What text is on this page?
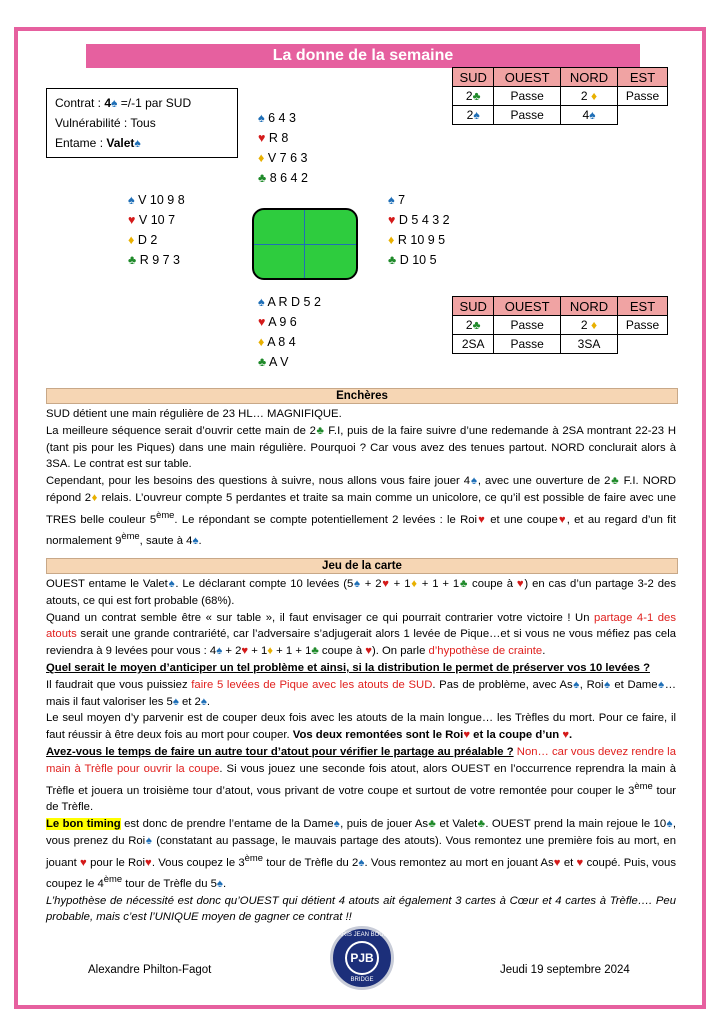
La donne de la semaine
Contrat : 4♠ =/-1 par SUD
Vulnérabilité : Tous
Entame : Valet♠
♠ 6 4 3
♥ R 8
♦ V 7 6 3
♣ 8 6 4 2
♠ V 10 9 8
♥ V 10 7
♦ D 2
♣ R 9 7 3
♠ 7
♥ D 5 4 3 2
♦ R 10 9 5
♣ D 10 5
♠ A R D 5 2
♥ A 9 6
♦ A 8 4
♣ A V
SUD	OUEST	NORD	EST
2♣	Passe	2 ♦	Passe
2♠	Passe	4♠	
SUD	OUEST	NORD	EST
2♣	Passe	2 ♦	Passe
2SA	Passe	3SA	
Enchères

SUD détient une main régulière de 23 HL… MAGNIFIQUE.

La meilleure séquence serait d’ouvrir cette main de 2♣ F.I, puis de la faire suivre d’une redemande à 2SA montrant 22-23 H (tant pis pour les Piques) dans une main régulière. Pourquoi ? Car vous avez des tenues partout. NORD conclurait alors à 3SA. Le contrat est sur table.

Cependant, pour les besoins des questions à suivre, nous allons vous faire jouer 4♠, avec une ouverture de 2♣ F.I. NORD répond 2♦ relais. L’ouvreur compte 5 perdantes et traite sa main comme un unicolore, ce qu’il est possible de faire avec une TRES belle couleur 5ème. Le répondant se compte potentiellement 2 levées : le Roi♥ et une coupe♥, et au regard d’un fit normalement 9ème, saute à 4♠.

Jeu de la carte

OUEST entame le Valet♠. Le déclarant compte 10 levées (5♠ + 2♥ + 1♦ + 1 + 1♣ coupe à ♥) en cas d’un partage 3-2 des atouts, ce qui est fort probable (68%).

Quand un contrat semble être « sur table », il faut envisager ce qui pourrait contrarier votre victoire ! Un partage 4-1 des atouts serait une grande contrariété, car l’adversaire s’adjugerait alors 1 levée de Pique…et si vous ne vous méfiez pas cela reviendra à 9 levées pour vous : 4♠ + 2♥ + 1♦ + 1 + 1♣ coupe à ♥). On parle d’hypothèse de crainte.

Quel serait le moyen d’anticiper un tel problème et ainsi, si la distribution le permet de préserver vos 10 levées ?

Il faudrait que vous puissiez faire 5 levées de Pique avec les atouts de SUD. Pas de problème, avec As♠, Roi♠ et Dame♠… mais il faut valoriser les 5♠ et 2♠.

Le seul moyen d’y parvenir est de couper deux fois avec les atouts de la main longue… les Trèfles du mort. Pour ce faire, il faut réussir à être deux fois au mort pour couper. Vos deux remontées sont le Roi♥ et la coupe d’un ♥.

Avez-vous le temps de faire un autre tour d’atout pour vérifier le partage au préalable ? Non… car vous devez rendre la main à Trèfle pour ouvrir la coupe. Si vous jouez une seconde fois atout, alors OUEST en l’occurrence reprendra la main à Trèfle et jouera un troisième tour d’atout, vous privant de votre coupe et surtout de votre remontée pour couper le 3ème tour de Trèfle.

Le bon timing est donc de prendre l’entame de la Dame♠, puis de jouer As♣ et Valet♣. OUEST prend la main rejoue le 10♠, vous prenez du Roi♠ (constatant au passage, le mauvais partage des atouts). Vous remontez une première fois au mort, en jouant ♥ pour le Roi♥. Vous coupez le 3ème tour de Trèfle du 2♠. Vous remontez au mort en jouant As♥ et ♥ coupé. Puis, vous coupez le 4ème tour de Trèfle du 5♠.

L’hypothèse de nécessité est donc qu’OUEST qui détient 4 atouts ait également 3 cartes à Cœur et 4 cartes à Trèfle…. Peu probable, mais c’est l’UNIQUE moyen de gagner ce contrat !!

Alexandre Philton-Fagot
PARIS JEAN BOUIN
PJB
BRIDGE
Jeudi 19 septembre 2024
